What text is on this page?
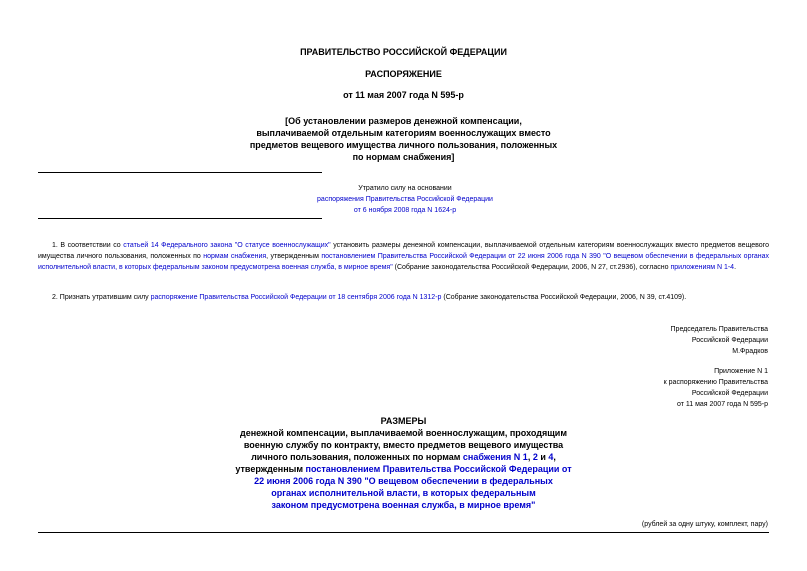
ПРАВИТЕЛЬСТВО РОССИЙСКОЙ ФЕДЕРАЦИИ
РАСПОРЯЖЕНИЕ
от 11 мая 2007 года N 595-р
[Об установлении размеров денежной компенсации,
выплачиваемой отдельным категориям военнослужащих вместо
предметов вещевого имущества личного пользования, положенных
по нормам снабжения]
Утратило силу на основании
распоряжения Правительства Российской Федерации
от 6 ноября 2008 года N 1624-р
1. В соответствии со статьей 14 Федерального закона "О статусе военнослужащих" установить размеры денежной компенсации, выплачиваемой отдельным категориям военнослужащих вместо предметов вещевого имущества личного пользования, положенных по нормам снабжения, утвержденным постановлением Правительства Российской Федерации от 22 июня 2006 года N 390 "О вещевом обеспечении в федеральных органах исполнительной власти, в которых федеральным законом предусмотрена военная служба, в мирное время" (Собрание законодательства Российской Федерации, 2006, N 27, ст.2936), согласно приложениям N 1-4.
2. Признать утратившим силу распоряжение Правительства Российской Федерации от 18 сентября 2006 года N 1312-р (Собрание законодательства Российской Федерации, 2006, N 39, ст.4109).
Председатель Правительства
Российской Федерации
М.Фрадков
Приложение N 1
к распоряжению Правительства
Российской Федерации
от 11 мая 2007 года N 595-р
РАЗМЕРЫ
денежной компенсации, выплачиваемой военнослужащим, проходящим
военную службу по контракту, вместо предметов вещевого имущества
личного пользования, положенных по нормам снабжения N 1, 2 и 4,
утвержденным постановлением Правительства Российской Федерации от
22 июня 2006 года N 390 "О вещевом обеспечении в федеральных
органах исполнительной власти, в которых федеральным
законом предусмотрена военная служба, в мирное время"
(рублей за одну штуку, комплект, пару)
